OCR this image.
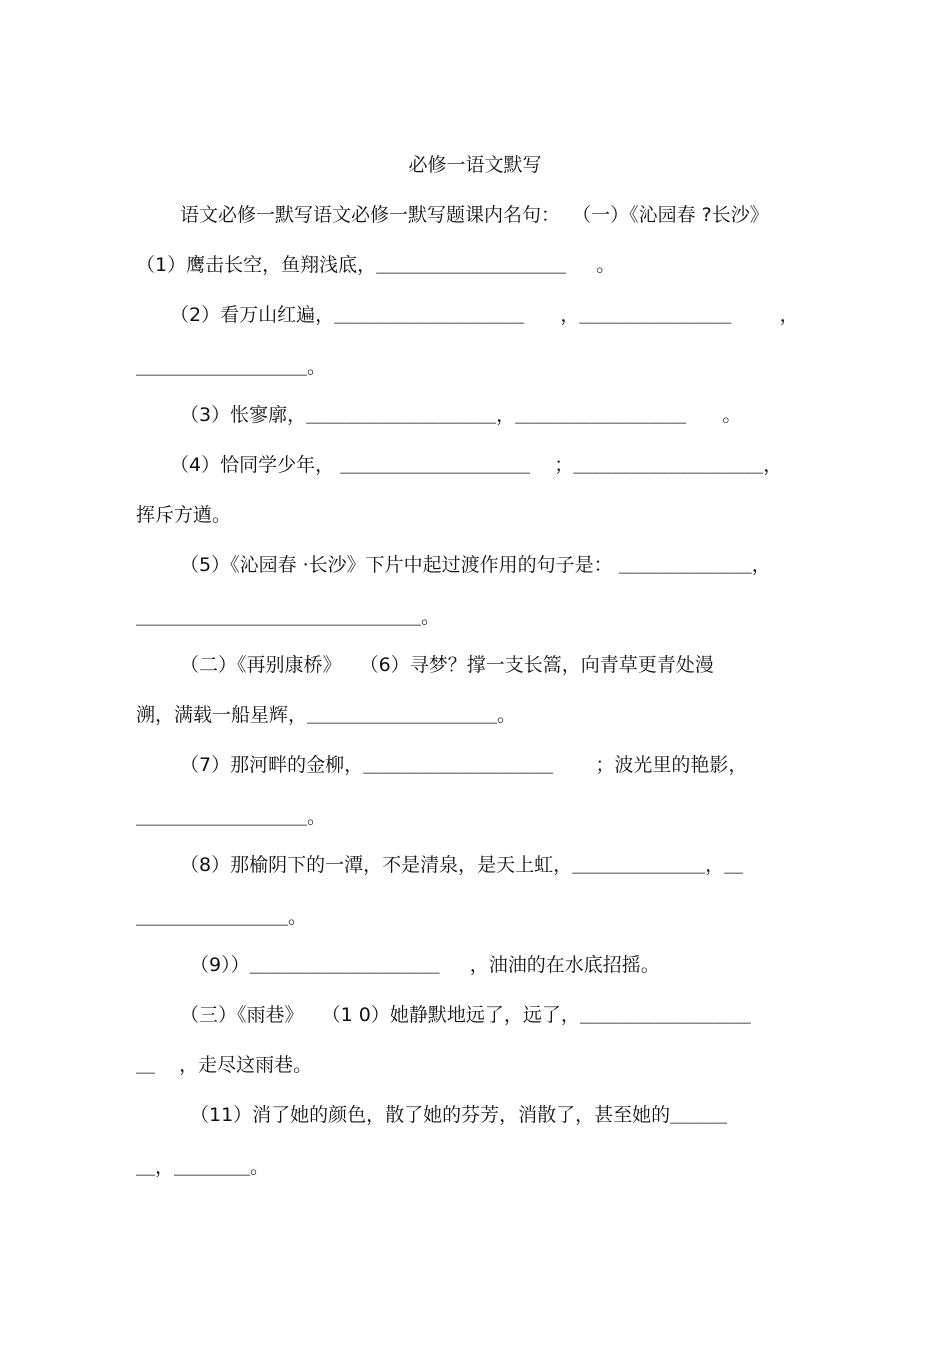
必修一语文默写
语文必修一默写语文必修一默写题课内名句：  （一）《沁园春 ?长沙》
（1）鹰击长空，鱼翔浅底，＿＿＿＿＿＿＿＿＿＿     。
（2）看万山红遍，＿＿＿＿＿＿＿＿＿＿      ，＿＿＿＿＿＿＿＿        ，
＿＿＿＿＿＿＿＿＿。
（3）怅寥廓，＿＿＿＿＿＿＿＿＿＿，＿＿＿＿＿＿＿＿＿      。
（4）恰同学少年， ＿＿＿＿＿＿＿＿＿＿    ；＿＿＿＿＿＿＿＿＿＿，
挥斥方遒。
（5）《沁园春 ·长沙》下片中起过渡作用的句子是： ＿＿＿＿＿＿＿，
＿＿＿＿＿＿＿＿＿＿＿＿＿＿＿。
（二）《再别康桥》   （6）寻梦？撑一支长篙，向青草更青处漫
溯，满载一船星辉，＿＿＿＿＿＿＿＿＿＿。
（7）那河畔的金柳，＿＿＿＿＿＿＿＿＿＿       ；波光里的艳影，
＿＿＿＿＿＿＿＿＿。
（8）那榆阴下的一潭，不是清泉，是天上虹，＿＿＿＿＿＿＿，＿
＿＿＿＿＿＿＿＿。
（9））＿＿＿＿＿＿＿＿＿＿     ，油油的在水底招摇。
（三）《雨巷》   （1 0）她静默地远了，远了，＿＿＿＿＿＿＿＿＿
＿    ，走尽这雨巷。
（11）消了她的颜色，散了她的芬芳，消散了，甚至她的＿＿＿
＿，＿＿＿＿。
